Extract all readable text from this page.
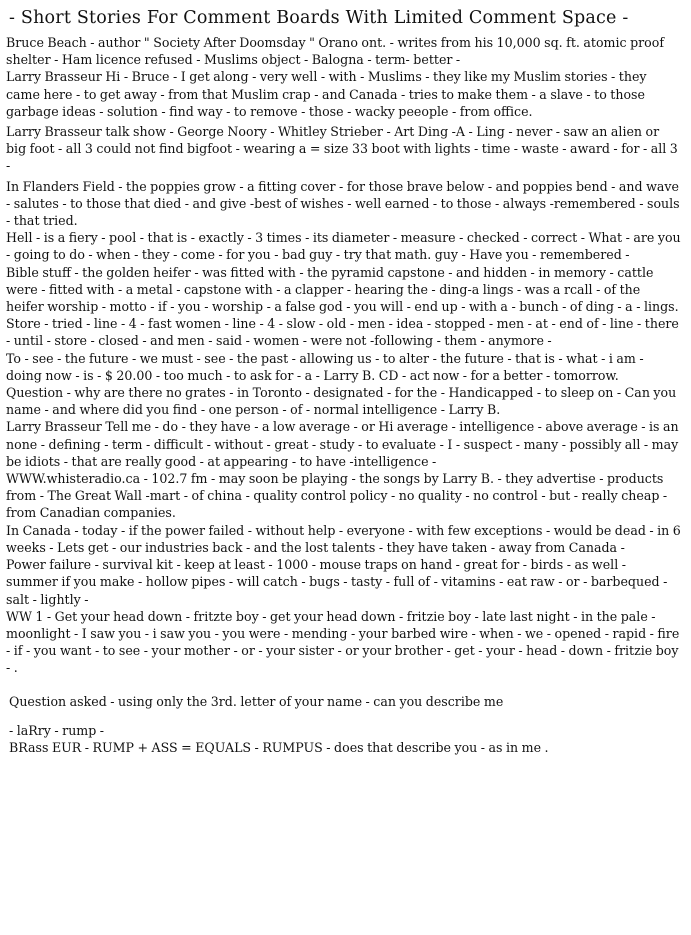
- Short Stories For Comment Boards With Limited Comment Space -

Bruce Beach - author " Society After Doomsday " Orano ont. - writes from his 10,000 sq. ft. atomic proof shelter - Ham licence refused - Muslims object - Balogna - term- better -
Larry Brasseur Hi - Bruce - I get along - very well - with - Muslims - they like my Muslim stories - they came here - to get away - from that Muslim crap - and Canada - tries to make them - a slave - to those garbage ideas - solution - find way - to remove - those - wacky peeople - from office.

Larry Brasseur talk show - George Noory - Whitley Strieber - Art Ding -A - Ling - never - saw an alien or big foot - all 3 could not find bigfoot - wearing a = size 33 boot with lights - time - waste - award - for - all 3 -

In Flanders Field - the poppies grow - a fitting cover - for those brave below - and poppies bend - and wave - salutes - to those that died - and give -best of wishes - well earned - to those - always -remembered - souls - that tried.
Hell - is a fiery - pool - that is - exactly - 3 times - its diameter - measure - checked - correct - What - are you - going to do - when - they - come - for you - bad guy - try that math. guy - Have you - remembered -
Bible stuff - the golden heifer - was fitted with - the pyramid capstone - and hidden - in memory - cattle were - fitted with - a metal - capstone with - a clapper - hearing the - ding-a lings - was a rcall - of the heifer worship - motto - if - you - worship - a false god - you will - end up - with a - bunch - of ding - a - lings.

Store - tried - line - 4 - fast women - line - 4 - slow - old - men - idea - stopped - men - at - end of - line - there - until - store - closed - and men - said - women - were not -following - them - anymore -
To - see - the future - we must - see - the past - allowing us - to alter - the future - that is - what - i am - doing now - is - $ 20.00 - too much - to ask for - a - Larry B. CD - act now - for a better - tomorrow.
Question - why are there no grates - in Toronto - designated - for the - Handicapped - to sleep on - Can you name - and where did you find - one person - of - normal intelligence - Larry B.
Larry Brasseur Tell me - do - they have - a low average - or Hi average - intelligence - above average - is an none - defining - term - difficult - without - great - study - to evaluate - I - suspect - many - possibly all - may be idiots - that are really good - at appearing - to have -intelligence -
WWW.whisteradio.ca - 102.7 fm - may soon be playing - the songs by Larry B. - they advertise - products from - The Great Wall -mart - of china - quality control policy - no quality - no control - but - really cheap - from Canadian companies.
In Canada - today - if the power failed - without help - everyone - with few exceptions - would be dead - in 6 weeks - Lets get - our industries back - and the lost talents - they have taken - away from Canada -
Power failure - survival kit - keep at least - 1000 - mouse traps on hand - great for - birds - as well - summer if you make - hollow pipes - will catch - bugs - tasty - full of - vitamins - eat raw - or - barbequed - salt - lightly -
WW 1 - Get your head down - fritzte boy - get your head down - fritzie boy - late last night - in the pale - moonlight - I saw you - i saw you - you were - mending - your barbed wire - when - we - opened - rapid - fire - if - you want - to see - your mother - or - your sister - or your brother - get - your - head - down - fritzie boy - .

Question asked - using only the 3rd. letter of your name - can you describe me

- laRry - rump -
BRass EUR - RUMP + ASS = EQUALS - RUMPUS - does that describe you - as in me .
